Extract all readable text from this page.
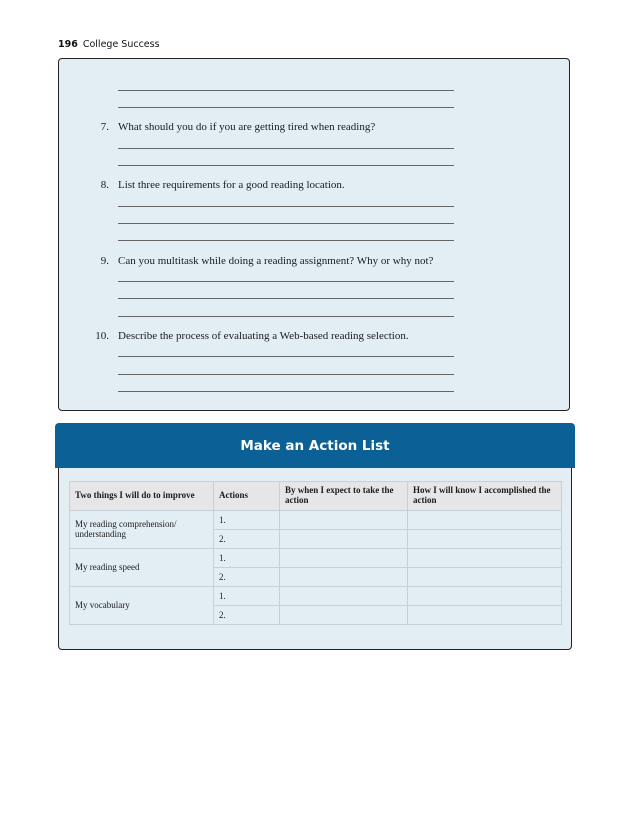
196 College Success
7. What should you do if you are getting tired when reading?
8. List three requirements for a good reading location.
9. Can you multitask while doing a reading assignment? Why or why not?
10. Describe the process of evaluating a Web-based reading selection.
Make an Action List
Two things I will do to improve	Actions	By when I expect to take the action	How I will know I accomplished the action
My reading comprehension/ understanding	1.		
	2.		
My reading speed	1.		
	2.		
My vocabulary	1.		
	2.		
